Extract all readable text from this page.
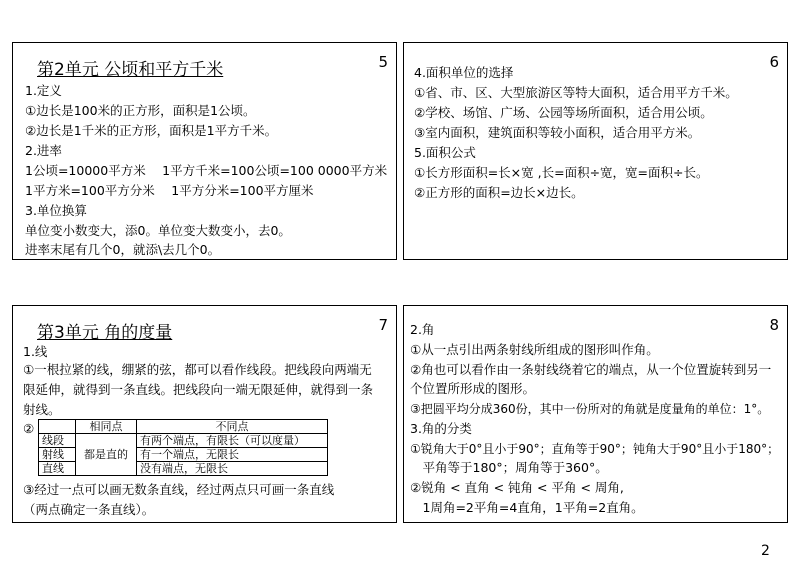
第2单元 公顷和平方千米	5
1.定义
①边长是100米的正方形，面积是1公顷。
②边长是1千米的正方形，面积是1平方千米。
2.进率
1公顷=10000平方米　 1平方千米=100公顷=100 0000平方米
1平方米=100平方分米　 1平方分米=100平方厘米
3.单位换算
单位变小数变大，添0。单位变大数变小，去0。
进率末尾有几个0，就添\去几个0。
6
4.面积单位的选择
①省、市、区、大型旅游区等特大面积，适合用平方千米。
②学校、场馆、广场、公园等场所面积，适合用公顷。
③室内面积，建筑面积等较小面积，适合用平方米。
5.面积公式
①长方形面积=长×宽 ,长=面积÷宽，宽=面积÷长。
②正方形的面积=边长×边长。
第3单元 角的度量	7
1.线
①一根拉紧的线，绷紧的弦，都可以看作线段。把线段向两端无
限延伸，就得到一条直线。把线段向一端无限延伸，就得到一条
射线。
②
		相同点	不同点
线段	都是直的	有两个端点，有限长（可以度量）
射线		有一个端点，无限长
直线		没有端点，无限长
③经过一点可以画无数条直线，经过两点只可画一条直线
（两点确定一条直线）。
8
2.角
①从一点引出两条射线所组成的图形叫作角。
②角也可以看作由一条射线绕着它的端点，从一个位置旋转到另一
个位置所形成的图形。
③把圆平均分成360份，其中一份所对的角就是度量角的单位：1°。
3.角的分类
①锐角大于0°且小于90°；直角等于90°；钝角大于90°且小于180°；
　平角等于180°；周角等于360°。
②锐角 < 直角 < 钝角 < 平角 < 周角,
　1周角=2平角=4直角，1平角=2直角。
2
